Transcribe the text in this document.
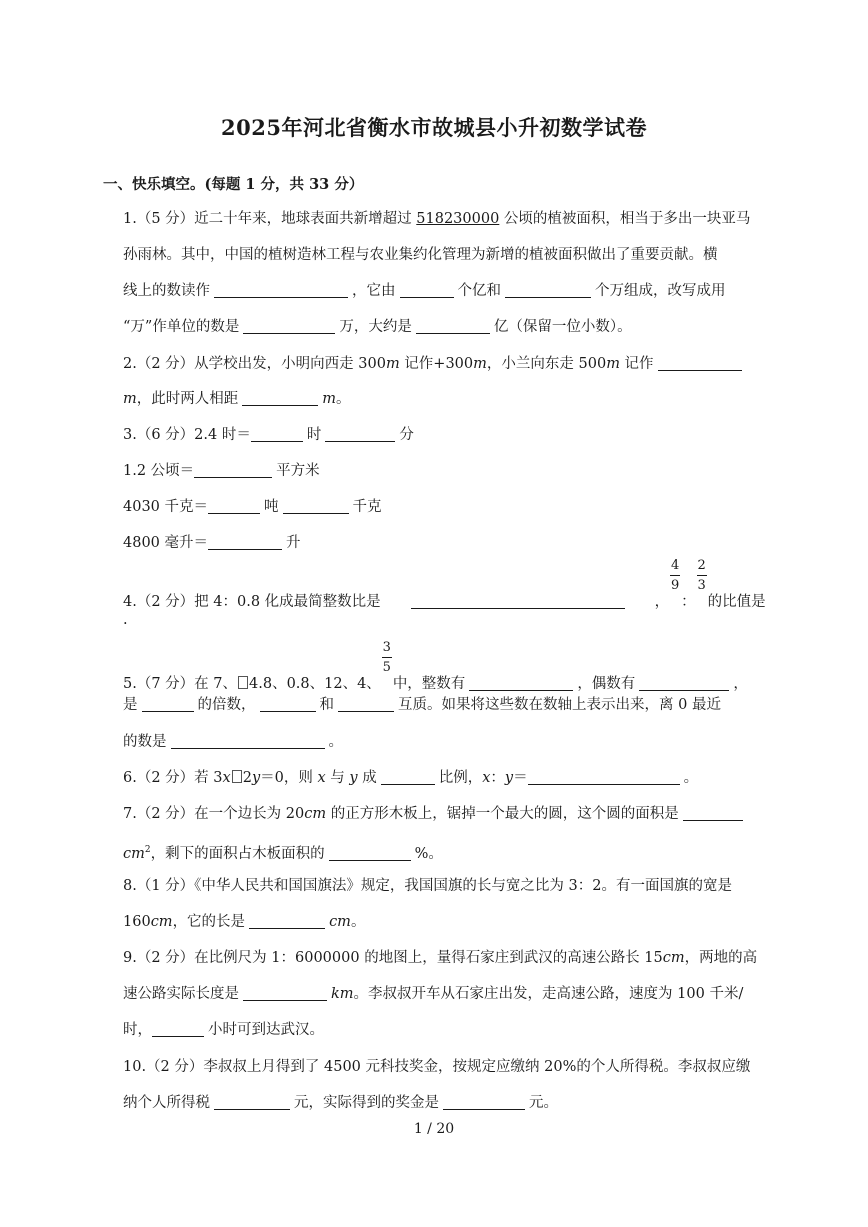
2025年河北省衡水市故城县小升初数学试卷
一、快乐填空。(每题 1 分，共 33 分）
1.（5 分）近二十年来，地球表面共新增超过 518230000 公顷的植被面积，相当于多出一块亚马
孙雨林。其中，中国的植树造林工程与农业集约化管理为新增的植被面积做出了重要贡献。横
线上的数读作	，它由	个亿和	个万组成，改写成用
“万”作单位的数是	万，大约是	亿（保留一位小数）。
2.（2 分）从学校出发，小明向西走 300m 记作+300m，小兰向东走 500m 记作
m，此时两人相距	m。
3.（6 分）2.4 时＝	时	分
1.2 公顷＝	平方米
4030 千克＝	吨	千克
4800 毫升＝	升
4.（2 分）把 4：0.8 化成最简整数比是	， $\frac{4}{9}$ ： $\frac{2}{3}$ 的比值是
.
5.（7 分）在 7、 4.8、0.8、12、4、 $\frac{3}{5}$ 中，整数有	，偶数有	，
是	的倍数，	和	互质。如果将这些数在数轴上表示出来，离 0 最近
的数是	。
6.（2 分）若 3x 2y＝0，则 x 与 y 成	比例，x：y＝	。
7.（2 分）在一个边长为 20cm 的正方形木板上，锯掉一个最大的圆，这个圆的面积是
$cm^2$，剩下的面积占木板面积的	%。
8.（1 分）《中华人民共和国国旗法》规定，我国国旗的长与宽之比为 3：2。有一面国旗的宽是
160cm，它的长是	cm。
9.（2 分）在比例尺为 1：6000000 的地图上，量得石家庄到武汉的高速公路长 15cm，两地的高
速公路实际长度是	km。李叔叔开车从石家庄出发，走高速公路，速度为 100 千米/
时，	小时可到达武汉。
10.（2 分）李叔叔上月得到了 4500 元科技奖金，按规定应缴纳 20%的个人所得税。李叔叔应缴
纳个人所得税	元，实际得到的奖金是	元。
1 / 20
